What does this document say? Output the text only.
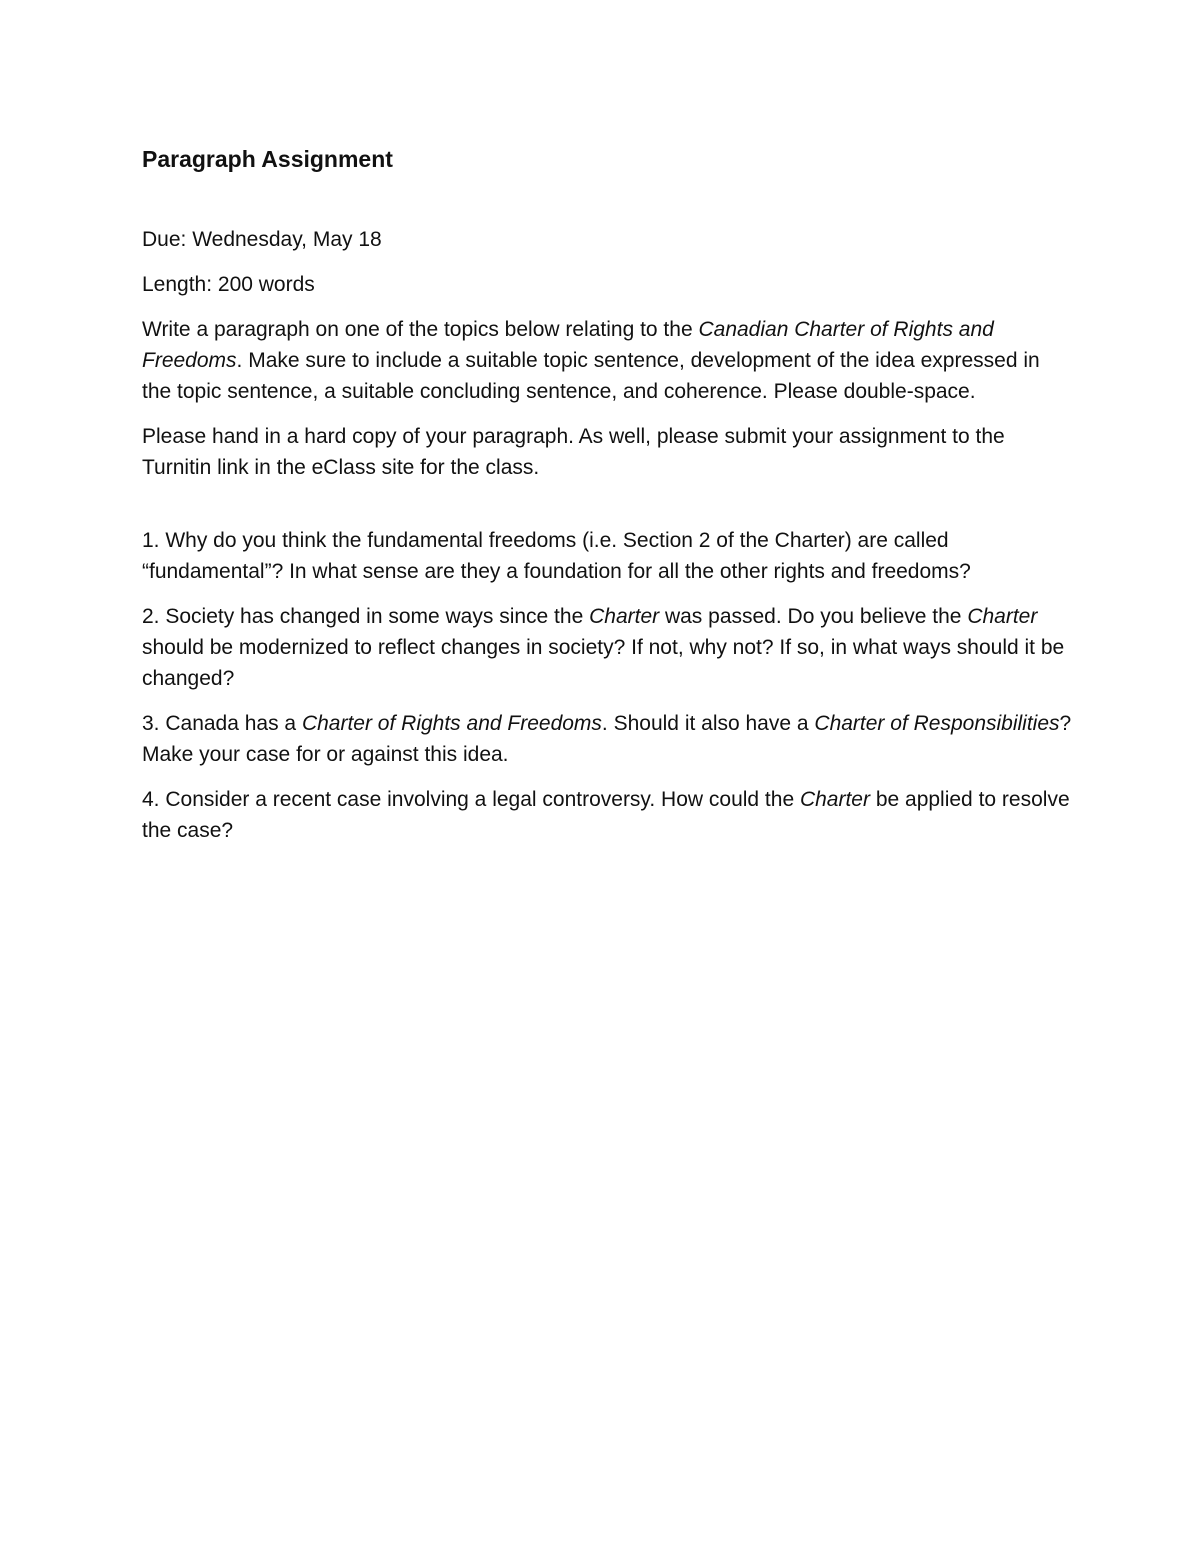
Paragraph Assignment

Due: Wednesday, May 18

Length: 200 words

Write a paragraph on one of the topics below relating to the Canadian Charter of Rights and Freedoms. Make sure to include a suitable topic sentence, development of the idea expressed in the topic sentence, a suitable concluding sentence, and coherence. Please double-space.

Please hand in a hard copy of your paragraph. As well, please submit your assignment to the Turnitin link in the eClass site for the class.

1. Why do you think the fundamental freedoms (i.e. Section 2 of the Charter) are called “fundamental”? In what sense are they a foundation for all the other rights and freedoms?

2. Society has changed in some ways since the Charter was passed. Do you believe the Charter should be modernized to reflect changes in society? If not, why not? If so, in what ways should it be changed?

3. Canada has a Charter of Rights and Freedoms. Should it also have a Charter of Responsibilities? Make your case for or against this idea.

4. Consider a recent case involving a legal controversy. How could the Charter be applied to resolve the case?
